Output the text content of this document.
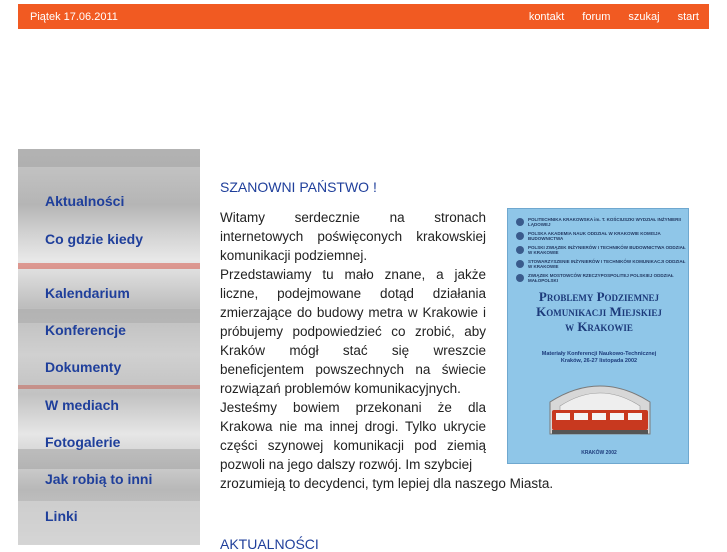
Piątek 17.06.2011	kontakt forum szukaj start
Aktualności
Co gdzie kiedy
Kalendarium
Konferencje
Dokumenty
W mediach
Fotogalerie
Jak robią to inni
Linki
SZANOWNI PAŃSTWO !

Witamy serdecznie na stronach internetowych poświęconych krakowskiej komunikacji podziemnej.

Przedstawiamy tu mało znane, a jakże liczne, podejmowane dotąd działania zmierzające do budowy metra w Krakowie i próbujemy podpowiedzieć co zrobić, aby Kraków mógł stać się wreszcie beneficjentem powszechnych na świecie rozwiązań problemów komunikacyjnych.

Jesteśmy bowiem przekonani że dla Krakowa nie ma innej drogi. Tylko ukrycie części szynowej komunikacji pod ziemią pozwoli na jego dalszy rozwój. Im szybciej

zrozumieją to decydenci, tym lepiej dla naszego Miasta.
AKTUALNOŚCI
POLITECHNIKA KRAKOWSKA im. T. KOŚCIUSZKI WYDZIAŁ INŻYNIERII LĄDOWEJ
POLSKA AKADEMIA NAUK ODDZIAŁ W KRAKOWIE KOMISJA BUDOWNICTWA
POLSKI ZWIĄZEK INŻYNIERÓW I TECHNIKÓW BUDOWNICTWA ODDZIAŁ W KRAKOWIE
STOWARZYSZENIE INŻYNIERÓW I TECHNIKÓW KOMUNIKACJI ODDZIAŁ W KRAKOWIE
ZWIĄZEK MOSTOWCÓW RZECZYPOSPOLITEJ POLSKIEJ ODDZIAŁ MAŁOPOLSKI
Problemy Podziemnej
Komunikacji Miejskiej
w Krakowie
Materiały Konferencji Naukowo-Technicznej
Kraków, 26-27 listopada 2002
KRAKÓW 2002
